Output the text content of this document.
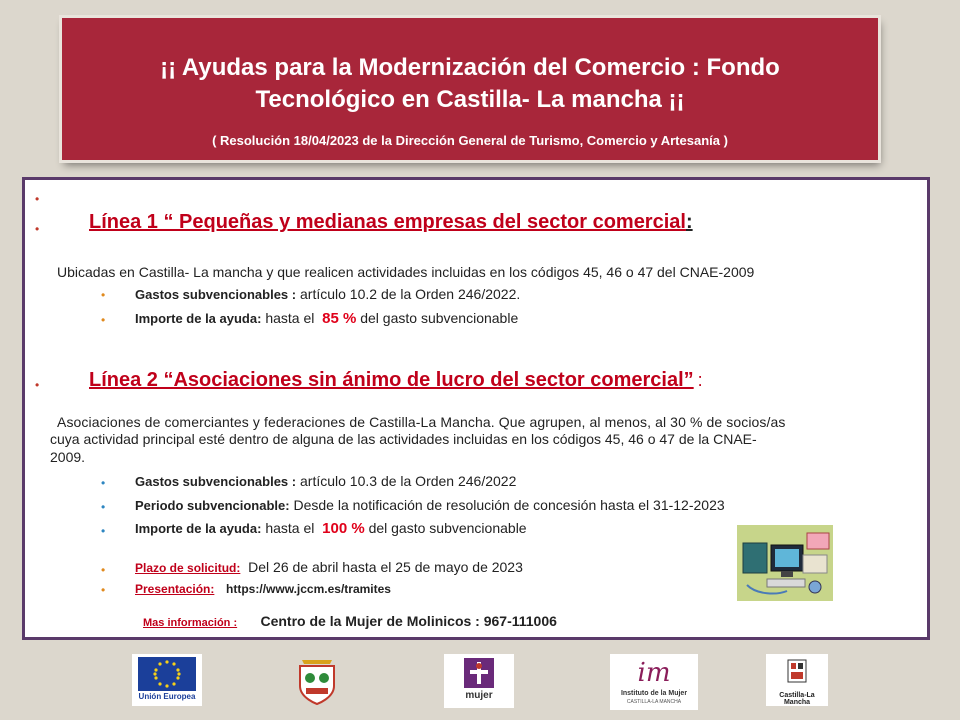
¡¡ Ayudas para la Modernización del Comercio : Fondo
Tecnológico en Castilla- La mancha ¡¡
( Resolución 18/04/2023 de la Dirección General de Turismo, Comercio y Artesanía )
•
• Línea 1 “ Pequeñas y medianas empresas del sector comercial:
Ubicadas en Castilla- La mancha y que realicen actividades incluidas en los códigos 45, 46 o 47 del CNAE-2009
• Gastos subvencionables : artículo 10.2 de la Orden 246/2022.
• Importe de la ayuda: hasta el 85 % del gasto subvencionable
• Línea 2 “Asociaciones sin ánimo de lucro del sector comercial” :
Asociaciones de comerciantes y federaciones de Castilla-La Mancha. Que agrupen, al menos, al 30 % de socios/as
cuya actividad principal esté dentro de alguna de las actividades incluidas en los códigos 45, 46 o 47 de la CNAE-
2009.
• Gastos subvencionables : artículo 10.3 de la Orden 246/2022
• Periodo subvencionable: Desde la notificación de resolución de concesión hasta el 31-12-2023
• Importe de la ayuda: hasta el 100 % del gasto subvencionable
• Plazo de solicitud: Del 26 de abril hasta el 25 de mayo de 2023
• Presentación: https://www.jccm.es/tramites
Mas información : Centro de la Mujer de Molinicos : 967-111006
Unión Europea	mujer
im
Instituto de la Mujer
CASTILLA-LA MANCHA
Castilla-La Mancha
